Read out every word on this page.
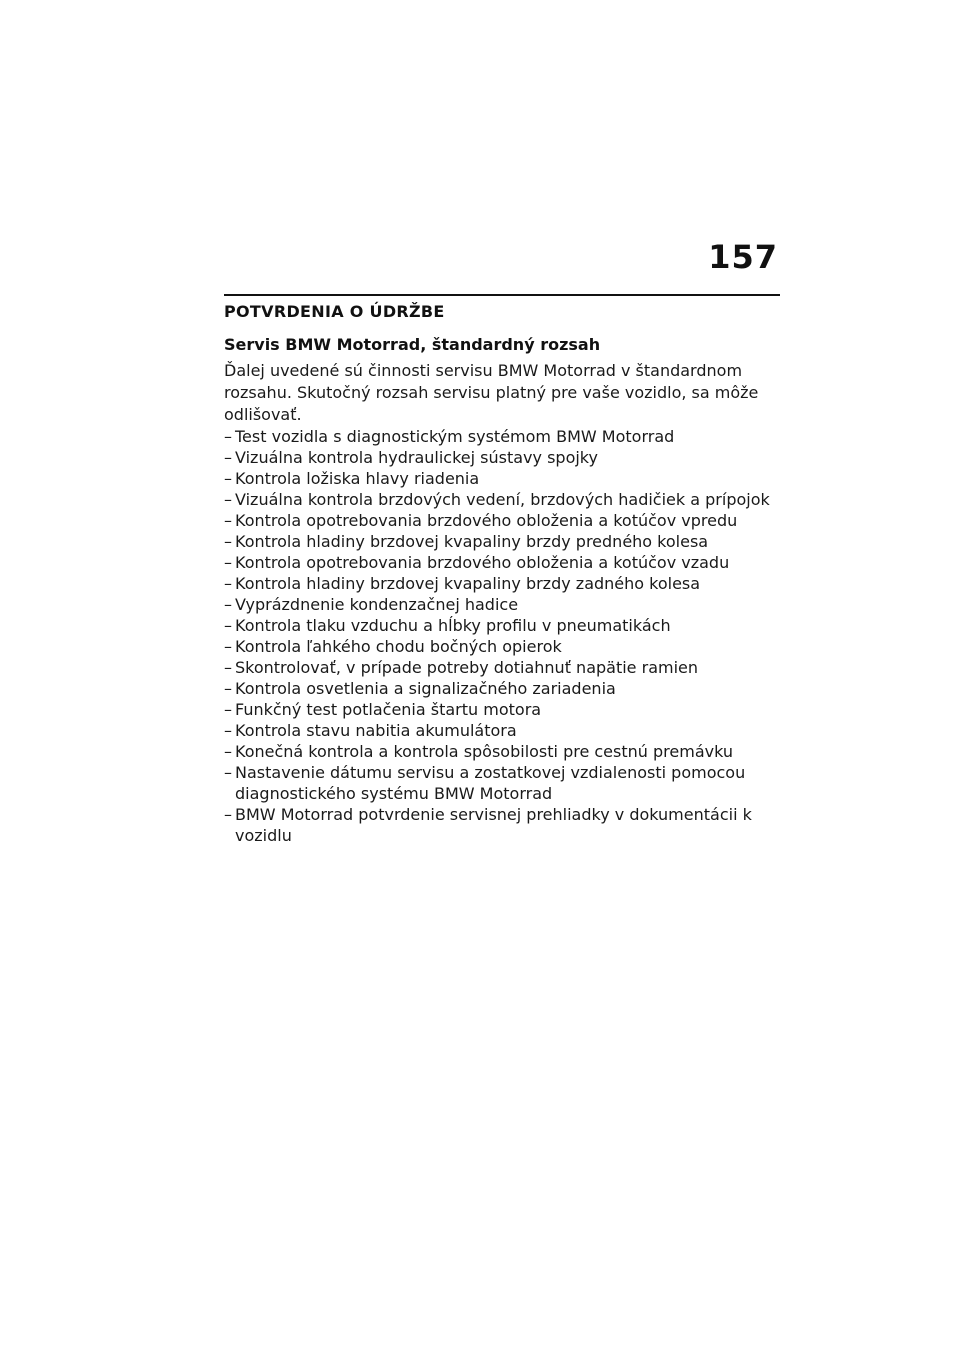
157
POTVRDENIA O ÚDRŽBE
Servis BMW Motorrad, štandardný rozsah
Ďalej uvedené sú činnosti servisu BMW Motorrad v štandardnom rozsahu. Skutočný rozsah servisu platný pre vaše vozidlo, sa môže odlišovať.
– Test vozidla s diagnostickým systémom BMW Motorrad
– Vizuálna kontrola hydraulickej sústavy spojky
– Kontrola ložiska hlavy riadenia
– Vizuálna kontrola brzdových vedení, brzdových hadičiek a prípojok
– Kontrola opotrebovania brzdového obloženia a kotúčov vpredu
– Kontrola hladiny brzdovej kvapaliny brzdy predného kolesa
– Kontrola opotrebovania brzdového obloženia a kotúčov vzadu
– Kontrola hladiny brzdovej kvapaliny brzdy zadného kolesa
– Vyprázdnenie kondenzačnej hadice
– Kontrola tlaku vzduchu a hĺbky profilu v pneumatikách
– Kontrola ľahkého chodu bočných opierok
– Skontrolovať, v prípade potreby dotiahnuť napätie ramien
– Kontrola osvetlenia a signalizačného zariadenia
– Funkčný test potlačenia štartu motora
– Kontrola stavu nabitia akumulátora
– Konečná kontrola a kontrola spôsobilosti pre cestnú premávku
– Nastavenie dátumu servisu a zostatkovej vzdialenosti pomocou diagnostického systému BMW Motorrad
– BMW Motorrad potvrdenie servisnej prehliadky v dokumentácii k vozidlu
